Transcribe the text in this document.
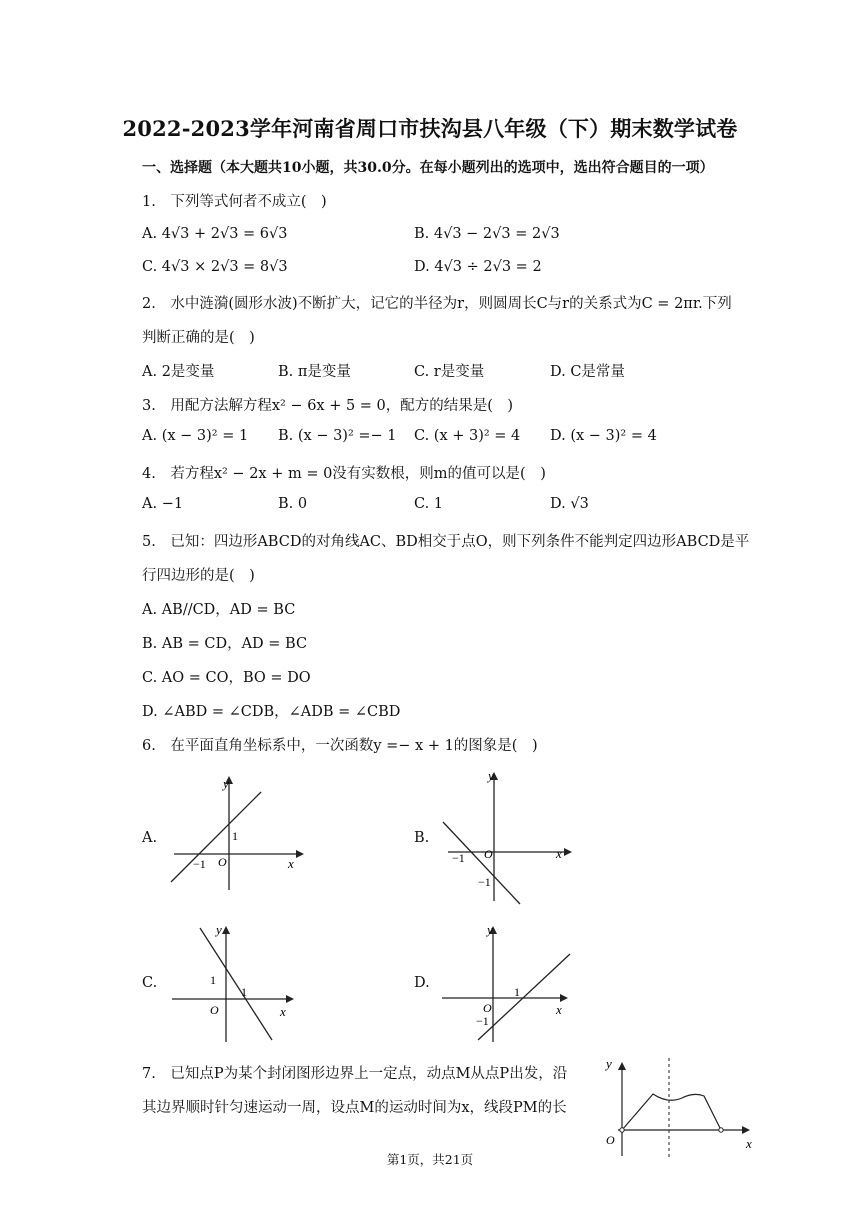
2022-2023学年河南省周口市扶沟县八年级（下）期末数学试卷
一、选择题（本大题共10小题，共30.0分。在每小题列出的选项中，选出符合题目的一项）
1.　下列等式何者不成立(　)
A. 4√3 + 2√3 = 6√3	B. 4√3 − 2√3 = 2√3
C. 4√3 × 2√3 = 8√3	D. 4√3 ÷ 2√3 = 2
2.　水中涟漪(圆形水波)不断扩大，记它的半径为r，则圆周长C与r的关系式为C = 2πr.下列
判断正确的是(　)
A. 2是变量	B. π是变量	C. r是变量	D. C是常量
3.　用配方法解方程x² − 6x + 5 = 0，配方的结果是(　)
A. (x − 3)² = 1 B. (x − 3)² =− 1 C. (x + 3)² = 4 D. (x − 3)² = 4
4.　若方程x² − 2x + m = 0没有实数根，则m的值可以是(　)
A. −1	B. 0	C. 1	D. √3
5.　已知：四边形ABCD的对角线AC、BD相交于点O，则下列条件不能判定四边形ABCD是平
行四边形的是(　)
A. AB//CD，AD = BC
B. AB = CD，AD = BC
C. AO = CO，BO = DO
D. ∠ABD = ∠CDB，∠ADB = ∠CBD
6.　在平面直角坐标系中，一次函数y =− x + 1的图象是(　)
A.
y
x
O
1
−1
B.
y
x
O
−1
−1
C.
y
x
O
1
1
D.
y
x
O
1
−1
7.　已知点P为某个封闭图形边界上一定点，动点M从点P出发，沿
其边界顺时针匀速运动一周，设点M的运动时间为x，线段PM的长
y
x
O
第1页，共21页
